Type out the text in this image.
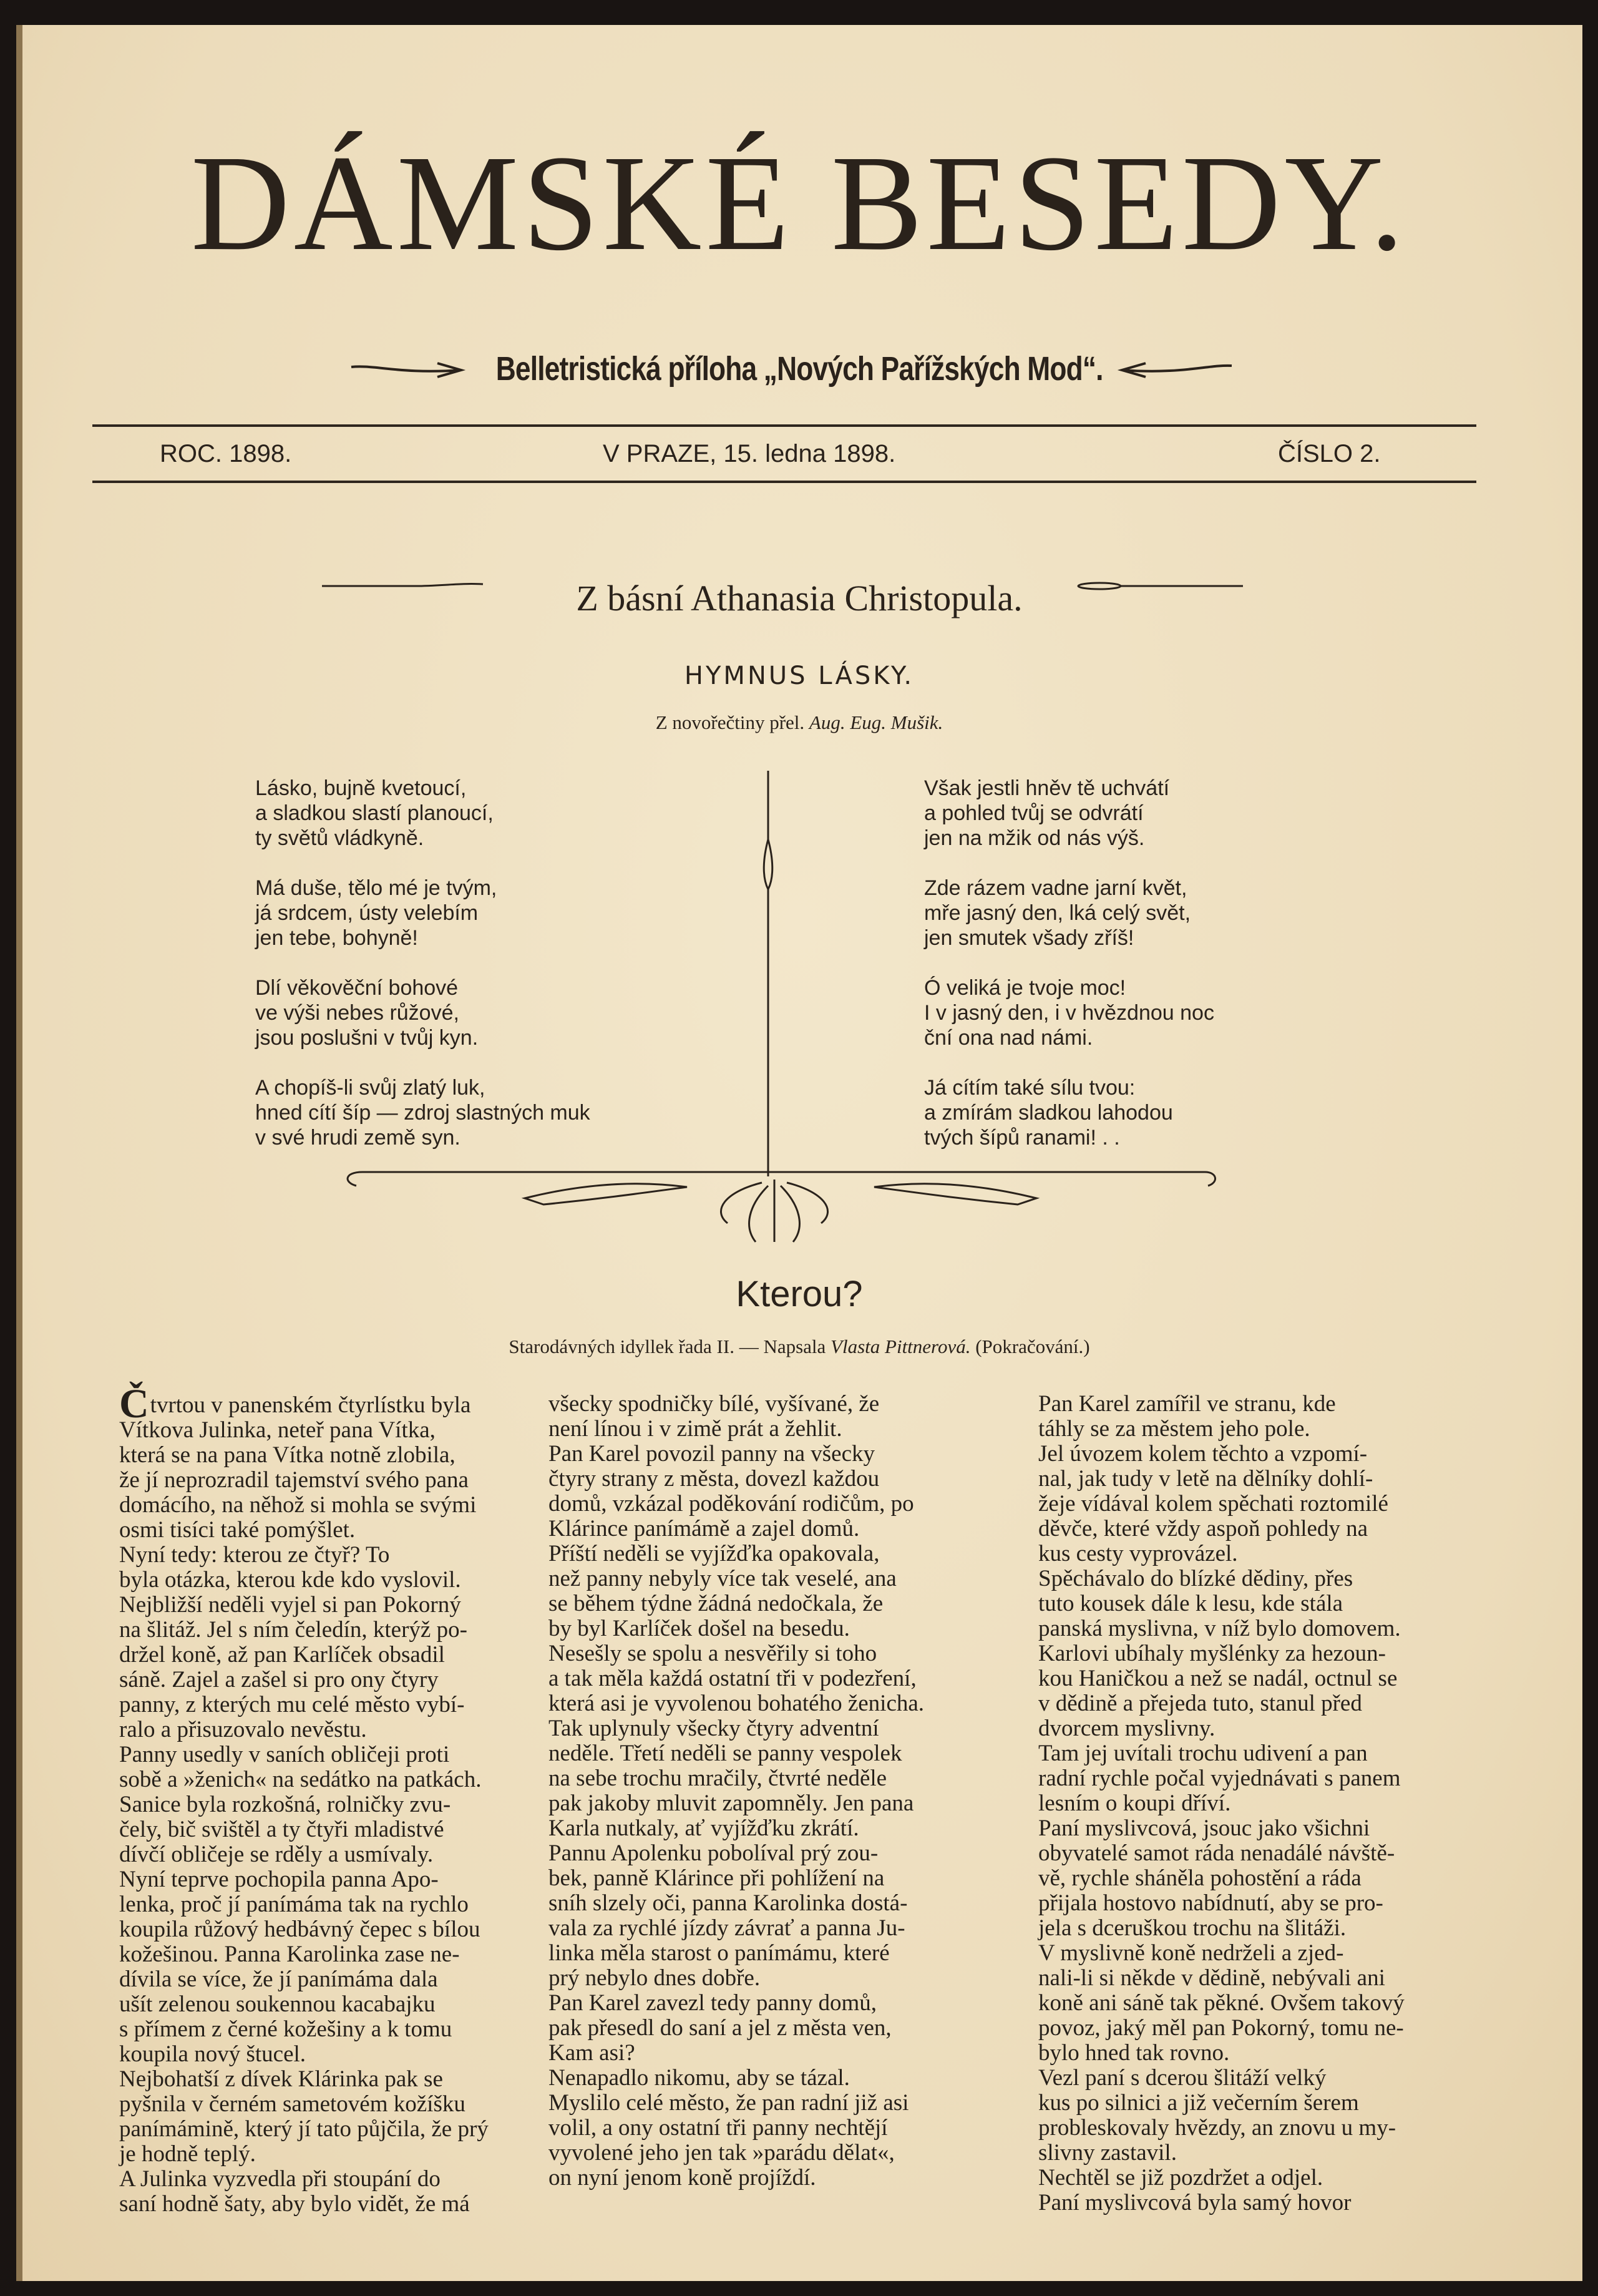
DÁMSKÉ BESEDY.
Belletristická příloha „Nových Pařížských Mod“.
ROC. 1898.	V PRAZE, 15. ledna 1898.	ČÍSLO 2.
Z básní Athanasia Christopula.
HYMNUS LÁSKY.
Z novořečtiny přel. Aug. Eug. Mušik.
Lásko, bujně kvetoucí,
a sladkou slastí planoucí,
ty světů vládkyně.
Má duše, tělo mé je tvým,
já srdcem, ústy velebím
jen tebe, bohyně!
Dlí věkověční bohové
ve výši nebes růžové,
jsou poslušni v tvůj kyn.
A chopíš-li svůj zlatý luk,
hned cítí šíp — zdroj slastných muk
v své hrudi země syn.
Však jestli hněv tě uchvátí
a pohled tvůj se odvrátí
jen na mžik od nás výš.
Zde rázem vadne jarní květ,
mře jasný den, lká celý svět,
jen smutek všady zříš!
Ó veliká je tvoje moc!
I v jasný den, i v hvězdnou noc
ční ona nad námi.
Já cítím také sílu tvou:
a zmírám sladkou lahodou
tvých šípů ranami! . .
Kterou?
Starodávných idyllek řada II. — Napsala Vlasta Pittnerová. (Pokračování.)
Čtvrtou v panenském čtyrlístku byla
Vítkova Julinka, neteř pana Vítka,
která se na pana Vítka notně zlobila,
že jí neprozradil tajemství svého pana
domácího, na něhož si mohla se svými
osmi tisíci také pomýšlet.
Nyní tedy: kterou ze čtyř? To
byla otázka, kterou kde kdo vyslovil.
Nejbližší neděli vyjel si pan Pokorný
na šlitáž. Jel s ním čeledín, kterýž po-
držel koně, až pan Karlíček obsadil
sáně. Zajel a zašel si pro ony čtyry
panny, z kterých mu celé město vybí-
ralo a přisuzovalo nevěstu.
Panny usedly v saních obličeji proti
sobě a »ženich« na sedátko na patkách.
Sanice byla rozkošná, rolničky zvu-
čely, bič svištěl a ty čtyři mladistvé
dívčí obličeje se rděly a usmívaly.
Nyní teprve pochopila panna Apo-
lenka, proč jí panímáma tak na rychlo
koupila růžový hedbávný čepec s bílou
kožešinou. Panna Karolinka zase ne-
dívila se více, že jí panímáma dala
ušít zelenou soukennou kacabajku
s přímem z černé kožešiny a k tomu
koupila nový štucel.
Nejbohatší z dívek Klárinka pak se
pyšnila v černém sametovém kožíšku
panímámině, který jí tato půjčila, že prý
je hodně teplý.
A Julinka vyzvedla při stoupání do
saní hodně šaty, aby bylo vidět, že má
všecky spodničky bílé, vyšívané, že
není línou i v zimě prát a žehlit.
Pan Karel povozil panny na všecky
čtyry strany z města, dovezl každou
domů, vzkázal poděkování rodičům, po
Klárince panímámě a zajel domů.
Příští neděli se vyjížďka opakovala,
než panny nebyly více tak veselé, ana
se během týdne žádná nedočkala, že
by byl Karlíček došel na besedu.
Nesešly se spolu a nesvěřily si toho
a tak měla každá ostatní tři v podezření,
která asi je vyvolenou bohatého ženicha.
Tak uplynuly všecky čtyry adventní
neděle. Třetí neděli se panny vespolek
na sebe trochu mračily, čtvrté neděle
pak jakoby mluvit zapomněly. Jen pana
Karla nutkaly, ať vyjížďku zkrátí.
Pannu Apolenku pobolíval prý zou-
bek, panně Klárince při pohlížení na
sníh slzely oči, panna Karolinka dostá-
vala za rychlé jízdy závrať a panna Ju-
linka měla starost o panímámu, které
prý nebylo dnes dobře.
Pan Karel zavezl tedy panny domů,
pak přesedl do saní a jel z města ven,
Kam asi?
Nenapadlo nikomu, aby se tázal.
Myslilo celé město, že pan radní již asi
volil, a ony ostatní tři panny nechtějí
vyvolené jeho jen tak »parádu dělat«,
on nyní jenom koně projíždí.
Pan Karel zamířil ve stranu, kde
táhly se za městem jeho pole.
Jel úvozem kolem těchto a vzpomí-
nal, jak tudy v letě na dělníky dohlí-
žeje vídával kolem spěchati roztomilé
děvče, které vždy aspoň pohledy na
kus cesty vyprovázel.
Spěchávalo do blízké dědiny, přes
tuto kousek dále k lesu, kde stála
panská myslivna, v níž bylo domovem.
Karlovi ubíhaly myšlénky za hezoun-
kou Haničkou a než se nadál, octnul se
v dědině a přejeda tuto, stanul před
dvorcem myslivny.
Tam jej uvítali trochu udivení a pan
radní rychle počal vyjednávati s panem
lesním o koupi dříví.
Paní myslivcová, jsouc jako všichni
obyvatelé samot ráda nenadálé návště-
vě, rychle sháněla pohostění a ráda
přijala hostovo nabídnutí, aby se pro-
jela s dceruškou trochu na šlitáži.
V myslivně koně nedrželi a zjed-
nali-li si někde v dědině, nebývali ani
koně ani sáně tak pěkné. Ovšem takový
povoz, jaký měl pan Pokorný, tomu ne-
bylo hned tak rovno.
Vezl paní s dcerou šlitáží velký
kus po silnici a již večerním šerem
probleskovaly hvězdy, an znovu u my-
slivny zastavil.
Nechtěl se již pozdržet a odjel.
Paní myslivcová byla samý hovor
